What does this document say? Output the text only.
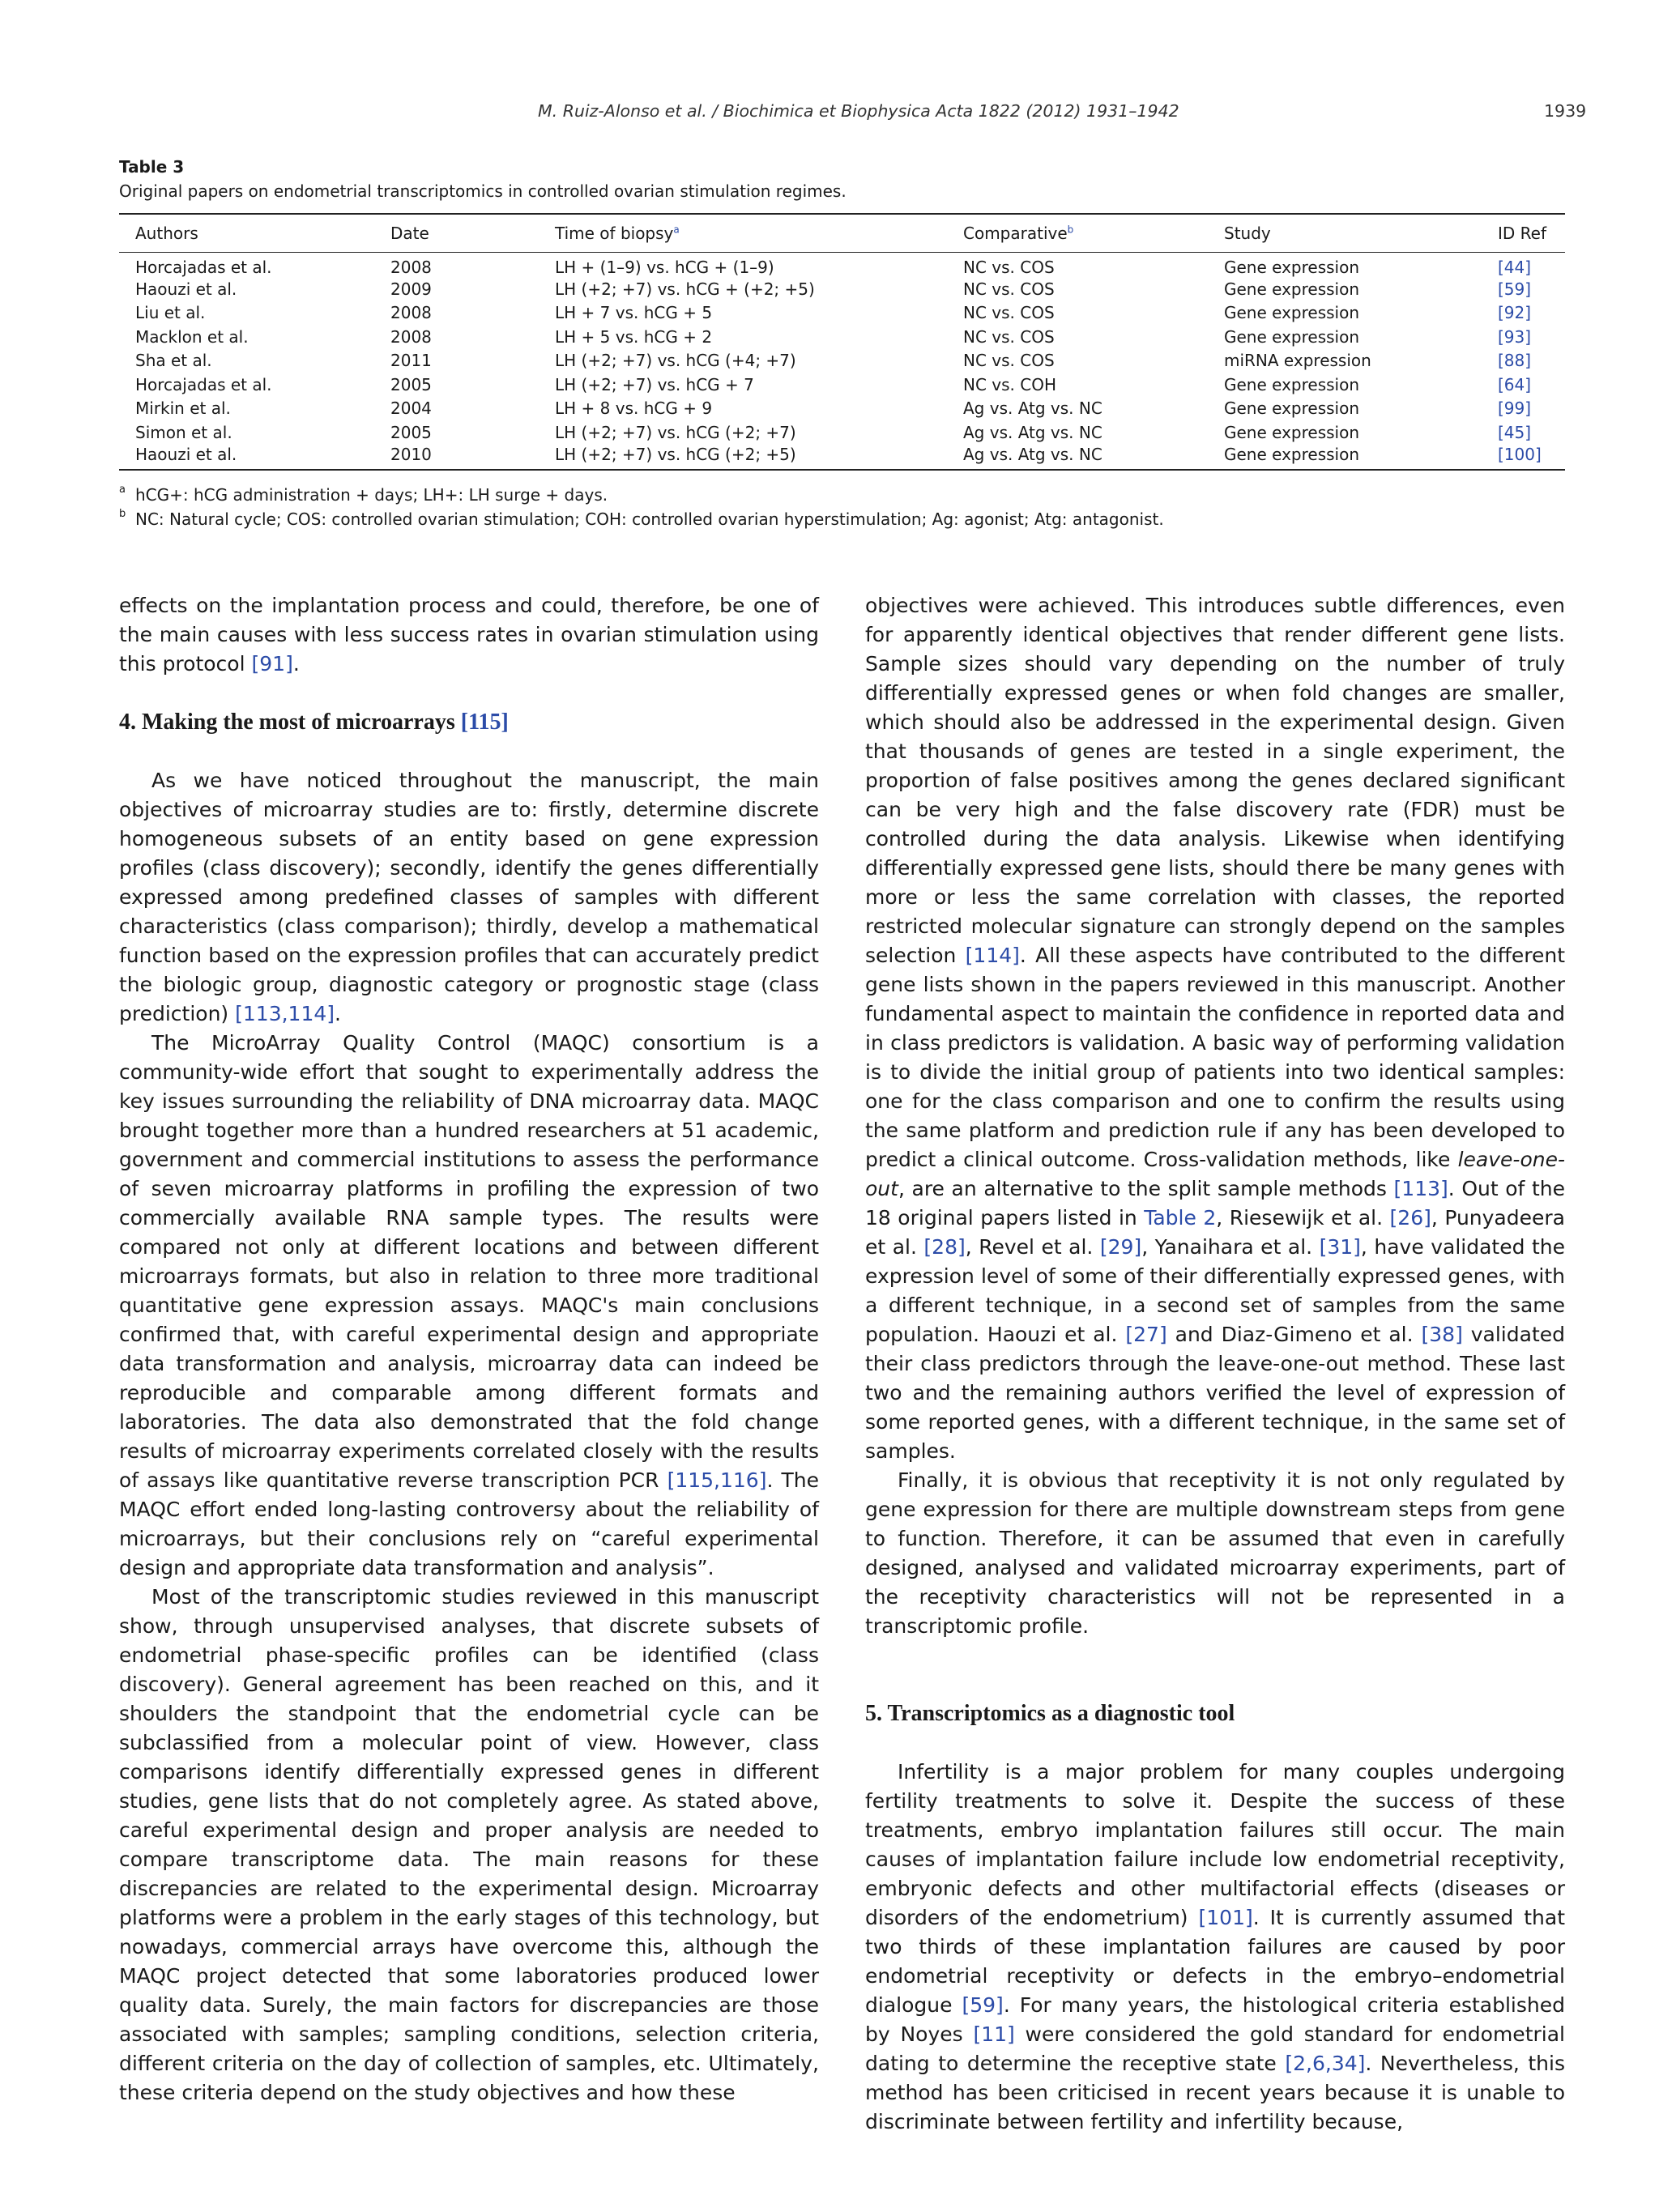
M. Ruiz-Alonso et al. / Biochimica et Biophysica Acta 1822 (2012) 1931–1942	1939

Table 3

Original papers on endometrial transcriptomics in controlled ovarian stimulation regimes.

Authors	Date	Time of biopsy$^a$	Comparative$^b$	Study	ID Ref
Horcajadas et al.	2008	LH + (1–9) vs. hCG + (1–9)	NC vs. COS	Gene expression	[44]
Haouzi et al.	2009	LH (+2; +7) vs. hCG + (+2; +5)	NC vs. COS	Gene expression	[59]
Liu et al.	2008	LH + 7 vs. hCG + 5	NC vs. COS	Gene expression	[92]
Macklon et al.	2008	LH + 5 vs. hCG + 2	NC vs. COS	Gene expression	[93]
Sha et al.	2011	LH (+2; +7) vs. hCG (+4; +7)	NC vs. COS	miRNA expression	[88]
Horcajadas et al.	2005	LH (+2; +7) vs. hCG + 7	NC vs. COH	Gene expression	[64]
Mirkin et al.	2004	LH + 8 vs. hCG + 9	Ag vs. Atg vs. NC	Gene expression	[99]
Simon et al.	2005	LH (+2; +7) vs. hCG (+2; +7)	Ag vs. Atg vs. NC	Gene expression	[45]
Haouzi et al.	2010	LH (+2; +7) vs. hCG (+2; +5)	Ag vs. Atg vs. NC	Gene expression	[100]

a hCG+: hCG administration + days; LH+: LH surge + days.

b NC: Natural cycle; COS: controlled ovarian stimulation; COH: controlled ovarian hyperstimulation; Ag: agonist; Atg: antagonist.

effects on the implantation process and could, therefore, be one of the main causes with less success rates in ovarian stimulation using this protocol [91].

4. Making the most of microarrays [115]

As we have noticed throughout the manuscript, the main objectives of microarray studies are to: firstly, determine discrete homogeneous subsets of an entity based on gene expression profiles (class discovery); secondly, identify the genes differentially expressed among predefined classes of samples with different characteristics (class comparison); thirdly, develop a mathematical function based on the expression profiles that can accurately predict the biologic group, diagnostic category or prognostic stage (class prediction) [113,114].

The MicroArray Quality Control (MAQC) consortium is a community-wide effort that sought to experimentally address the key issues surrounding the reliability of DNA microarray data. MAQC brought together more than a hundred researchers at 51 academic, government and commercial institutions to assess the performance of seven microarray platforms in profiling the expression of two commercially available RNA sample types. The results were compared not only at different locations and between different microarrays formats, but also in relation to three more traditional quantitative gene expression assays. MAQC's main conclusions confirmed that, with careful experimental design and appropriate data transformation and analysis, microarray data can indeed be reproducible and comparable among different formats and laboratories. The data also demonstrated that the fold change results of microarray experiments correlated closely with the results of assays like quantitative reverse transcription PCR [115,116]. The MAQC effort ended long-lasting controversy about the reliability of microarrays, but their conclusions rely on “careful experimental design and appropriate data transformation and analysis”.

Most of the transcriptomic studies reviewed in this manuscript show, through unsupervised analyses, that discrete subsets of endometrial phase-specific profiles can be identified (class discovery). General agreement has been reached on this, and it shoulders the standpoint that the endometrial cycle can be subclassified from a molecular point of view. However, class comparisons identify differentially expressed genes in different studies, gene lists that do not completely agree. As stated above, careful experimental design and proper analysis are needed to compare transcriptome data. The main reasons for these discrepancies are related to the experimental design. Microarray platforms were a problem in the early stages of this technology, but nowadays, commercial arrays have overcome this, although the MAQC project detected that some laboratories produced lower quality data. Surely, the main factors for discrepancies are those associated with samples; sampling conditions, selection criteria, different criteria on the day of collection of samples, etc. Ultimately, these criteria depend on the study objectives and how these

objectives were achieved. This introduces subtle differences, even for apparently identical objectives that render different gene lists. Sample sizes should vary depending on the number of truly differentially expressed genes or when fold changes are smaller, which should also be addressed in the experimental design. Given that thousands of genes are tested in a single experiment, the proportion of false positives among the genes declared significant can be very high and the false discovery rate (FDR) must be controlled during the data analysis. Likewise when identifying differentially expressed gene lists, should there be many genes with more or less the same correlation with classes, the reported restricted molecular signature can strongly depend on the samples selection [114]. All these aspects have contributed to the different gene lists shown in the papers reviewed in this manuscript. Another fundamental aspect to maintain the confidence in reported data and in class predictors is validation. A basic way of performing validation is to divide the initial group of patients into two identical samples: one for the class comparison and one to confirm the results using the same platform and prediction rule if any has been developed to predict a clinical outcome. Cross-validation methods, like leave-one-out, are an alternative to the split sample methods [113]. Out of the 18 original papers listed in Table 2, Riesewijk et al. [26], Punyadeera et al. [28], Revel et al. [29], Yanaihara et al. [31], have validated the expression level of some of their differentially expressed genes, with a different technique, in a second set of samples from the same population. Haouzi et al. [27] and Diaz-Gimeno et al. [38] validated their class predictors through the leave-one-out method. These last two and the remaining authors verified the level of expression of some reported genes, with a different technique, in the same set of samples.

Finally, it is obvious that receptivity it is not only regulated by gene expression for there are multiple downstream steps from gene to function. Therefore, it can be assumed that even in carefully designed, analysed and validated microarray experiments, part of the receptivity characteristics will not be represented in a transcriptomic profile.

5. Transcriptomics as a diagnostic tool

Infertility is a major problem for many couples undergoing fertility treatments to solve it. Despite the success of these treatments, embryo implantation failures still occur. The main causes of implantation failure include low endometrial receptivity, embryonic defects and other multifactorial effects (diseases or disorders of the endometrium) [101]. It is currently assumed that two thirds of these implantation failures are caused by poor endometrial receptivity or defects in the embryo–endometrial dialogue [59]. For many years, the histological criteria established by Noyes [11] were considered the gold standard for endometrial dating to determine the receptive state [2,6,34]. Nevertheless, this method has been criticised in recent years because it is unable to discriminate between fertility and infertility because,
